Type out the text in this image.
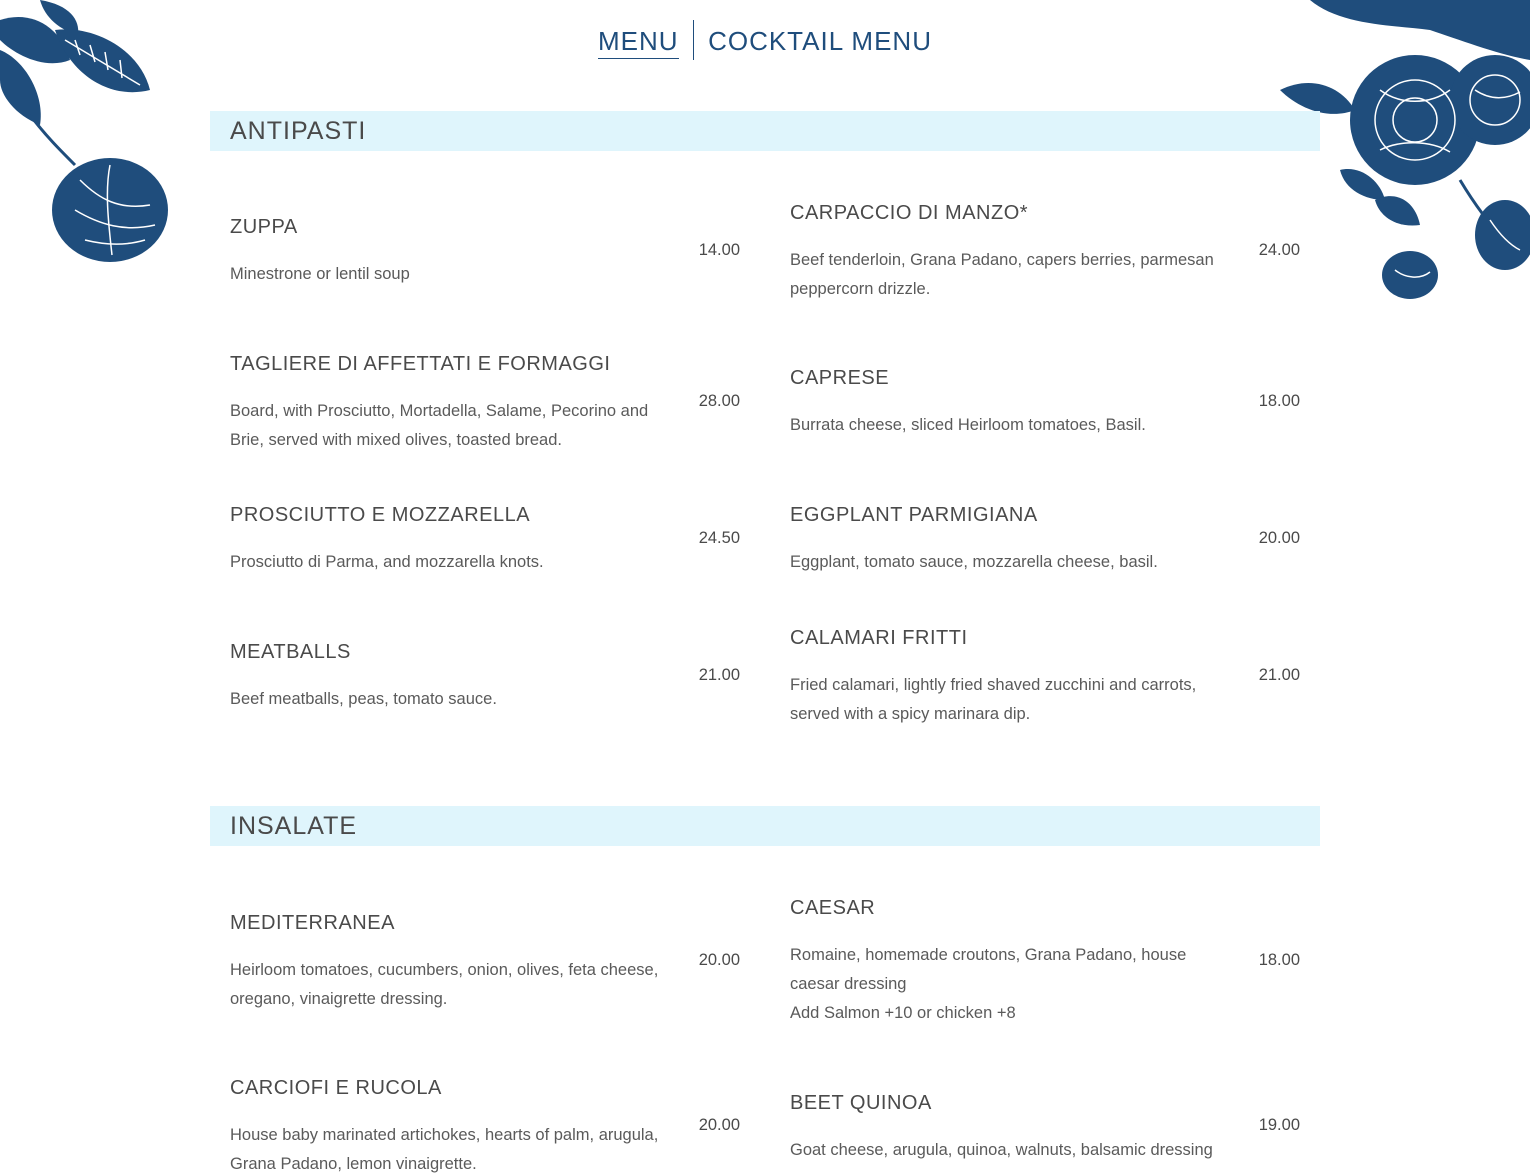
MENU COCKTAIL MENU
ANTIPASTI
ZUPPA
Minestrone or lentil soup
14.00
CARPACCIO DI MANZO*
Beef tenderloin, Grana Padano, capers berries, parmesan peppercorn drizzle.
24.00
TAGLIERE DI AFFETTATI E FORMAGGI
Board, with Prosciutto, Mortadella, Salame, Pecorino and Brie, served with mixed olives, toasted bread.
28.00
CAPRESE
Burrata cheese, sliced Heirloom tomatoes, Basil.
18.00
PROSCIUTTO E MOZZARELLA
Prosciutto di Parma, and mozzarella knots.
24.50
EGGPLANT PARMIGIANA
Eggplant, tomato sauce, mozzarella cheese, basil.
20.00
MEATBALLS
Beef meatballs, peas, tomato sauce.
21.00
CALAMARI FRITTI
Fried calamari, lightly fried shaved zucchini and carrots, served with a spicy marinara dip.
21.00
INSALATE
MEDITERRANEA
Heirloom tomatoes, cucumbers, onion, olives, feta cheese, oregano, vinaigrette dressing.
20.00
CAESAR
Romaine, homemade croutons, Grana Padano, house caesar dressing
Add Salmon +10 or chicken +8
18.00
CARCIOFI E RUCOLA
House baby marinated artichokes, hearts of palm, arugula, Grana Padano, lemon vinaigrette.
20.00
BEET QUINOA
Goat cheese, arugula, quinoa, walnuts, balsamic dressing
19.00
